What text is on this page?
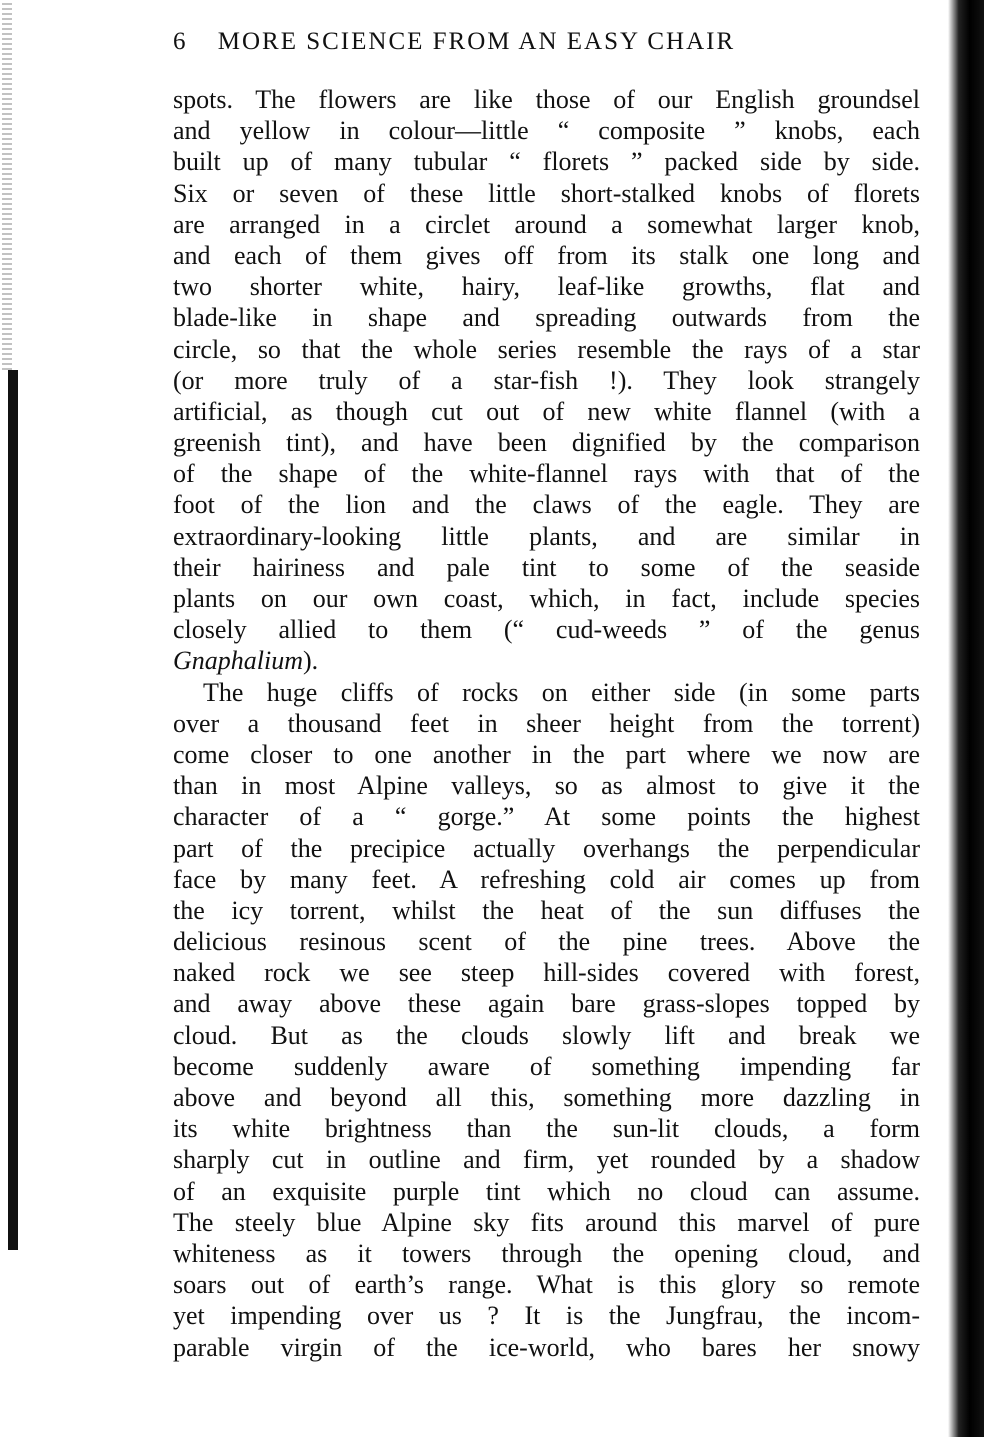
6 MORE SCIENCE FROM AN EASY CHAIR
spots. The flowers are like those of our English groundsel
and yellow in colour—little “ composite ” knobs, each
built up of many tubular “ florets ” packed side by side.
Six or seven of these little short-stalked knobs of florets
are arranged in a circlet around a somewhat larger knob,
and each of them gives off from its stalk one long and
two shorter white, hairy, leaf-like growths, flat and
blade-like in shape and spreading outwards from the
circle, so that the whole series resemble the rays of a star
(or more truly of a star-fish !). They look strangely
artificial, as though cut out of new white flannel (with a
greenish tint), and have been dignified by the comparison
of the shape of the white-flannel rays with that of the
foot of the lion and the claws of the eagle. They are
extraordinary-looking little plants, and are similar in
their hairiness and pale tint to some of the seaside
plants on our own coast, which, in fact, include species
closely allied to them (“ cud-weeds ” of the genus
Gnaphalium).
The huge cliffs of rocks on either side (in some parts
over a thousand feet in sheer height from the torrent)
come closer to one another in the part where we now are
than in most Alpine valleys, so as almost to give it the
character of a “ gorge.” At some points the highest
part of the precipice actually overhangs the perpendicular
face by many feet. A refreshing cold air comes up from
the icy torrent, whilst the heat of the sun diffuses the
delicious resinous scent of the pine trees. Above the
naked rock we see steep hill-sides covered with forest,
and away above these again bare grass-slopes topped by
cloud. But as the clouds slowly lift and break we
become suddenly aware of something impending far
above and beyond all this, something more dazzling in
its white brightness than the sun-lit clouds, a form
sharply cut in outline and firm, yet rounded by a shadow
of an exquisite purple tint which no cloud can assume.
The steely blue Alpine sky fits around this marvel of pure
whiteness as it towers through the opening cloud, and
soars out of earth’s range. What is this glory so remote
yet impending over us ? It is the Jungfrau, the incom-
parable virgin of the ice-world, who bares her snowy
